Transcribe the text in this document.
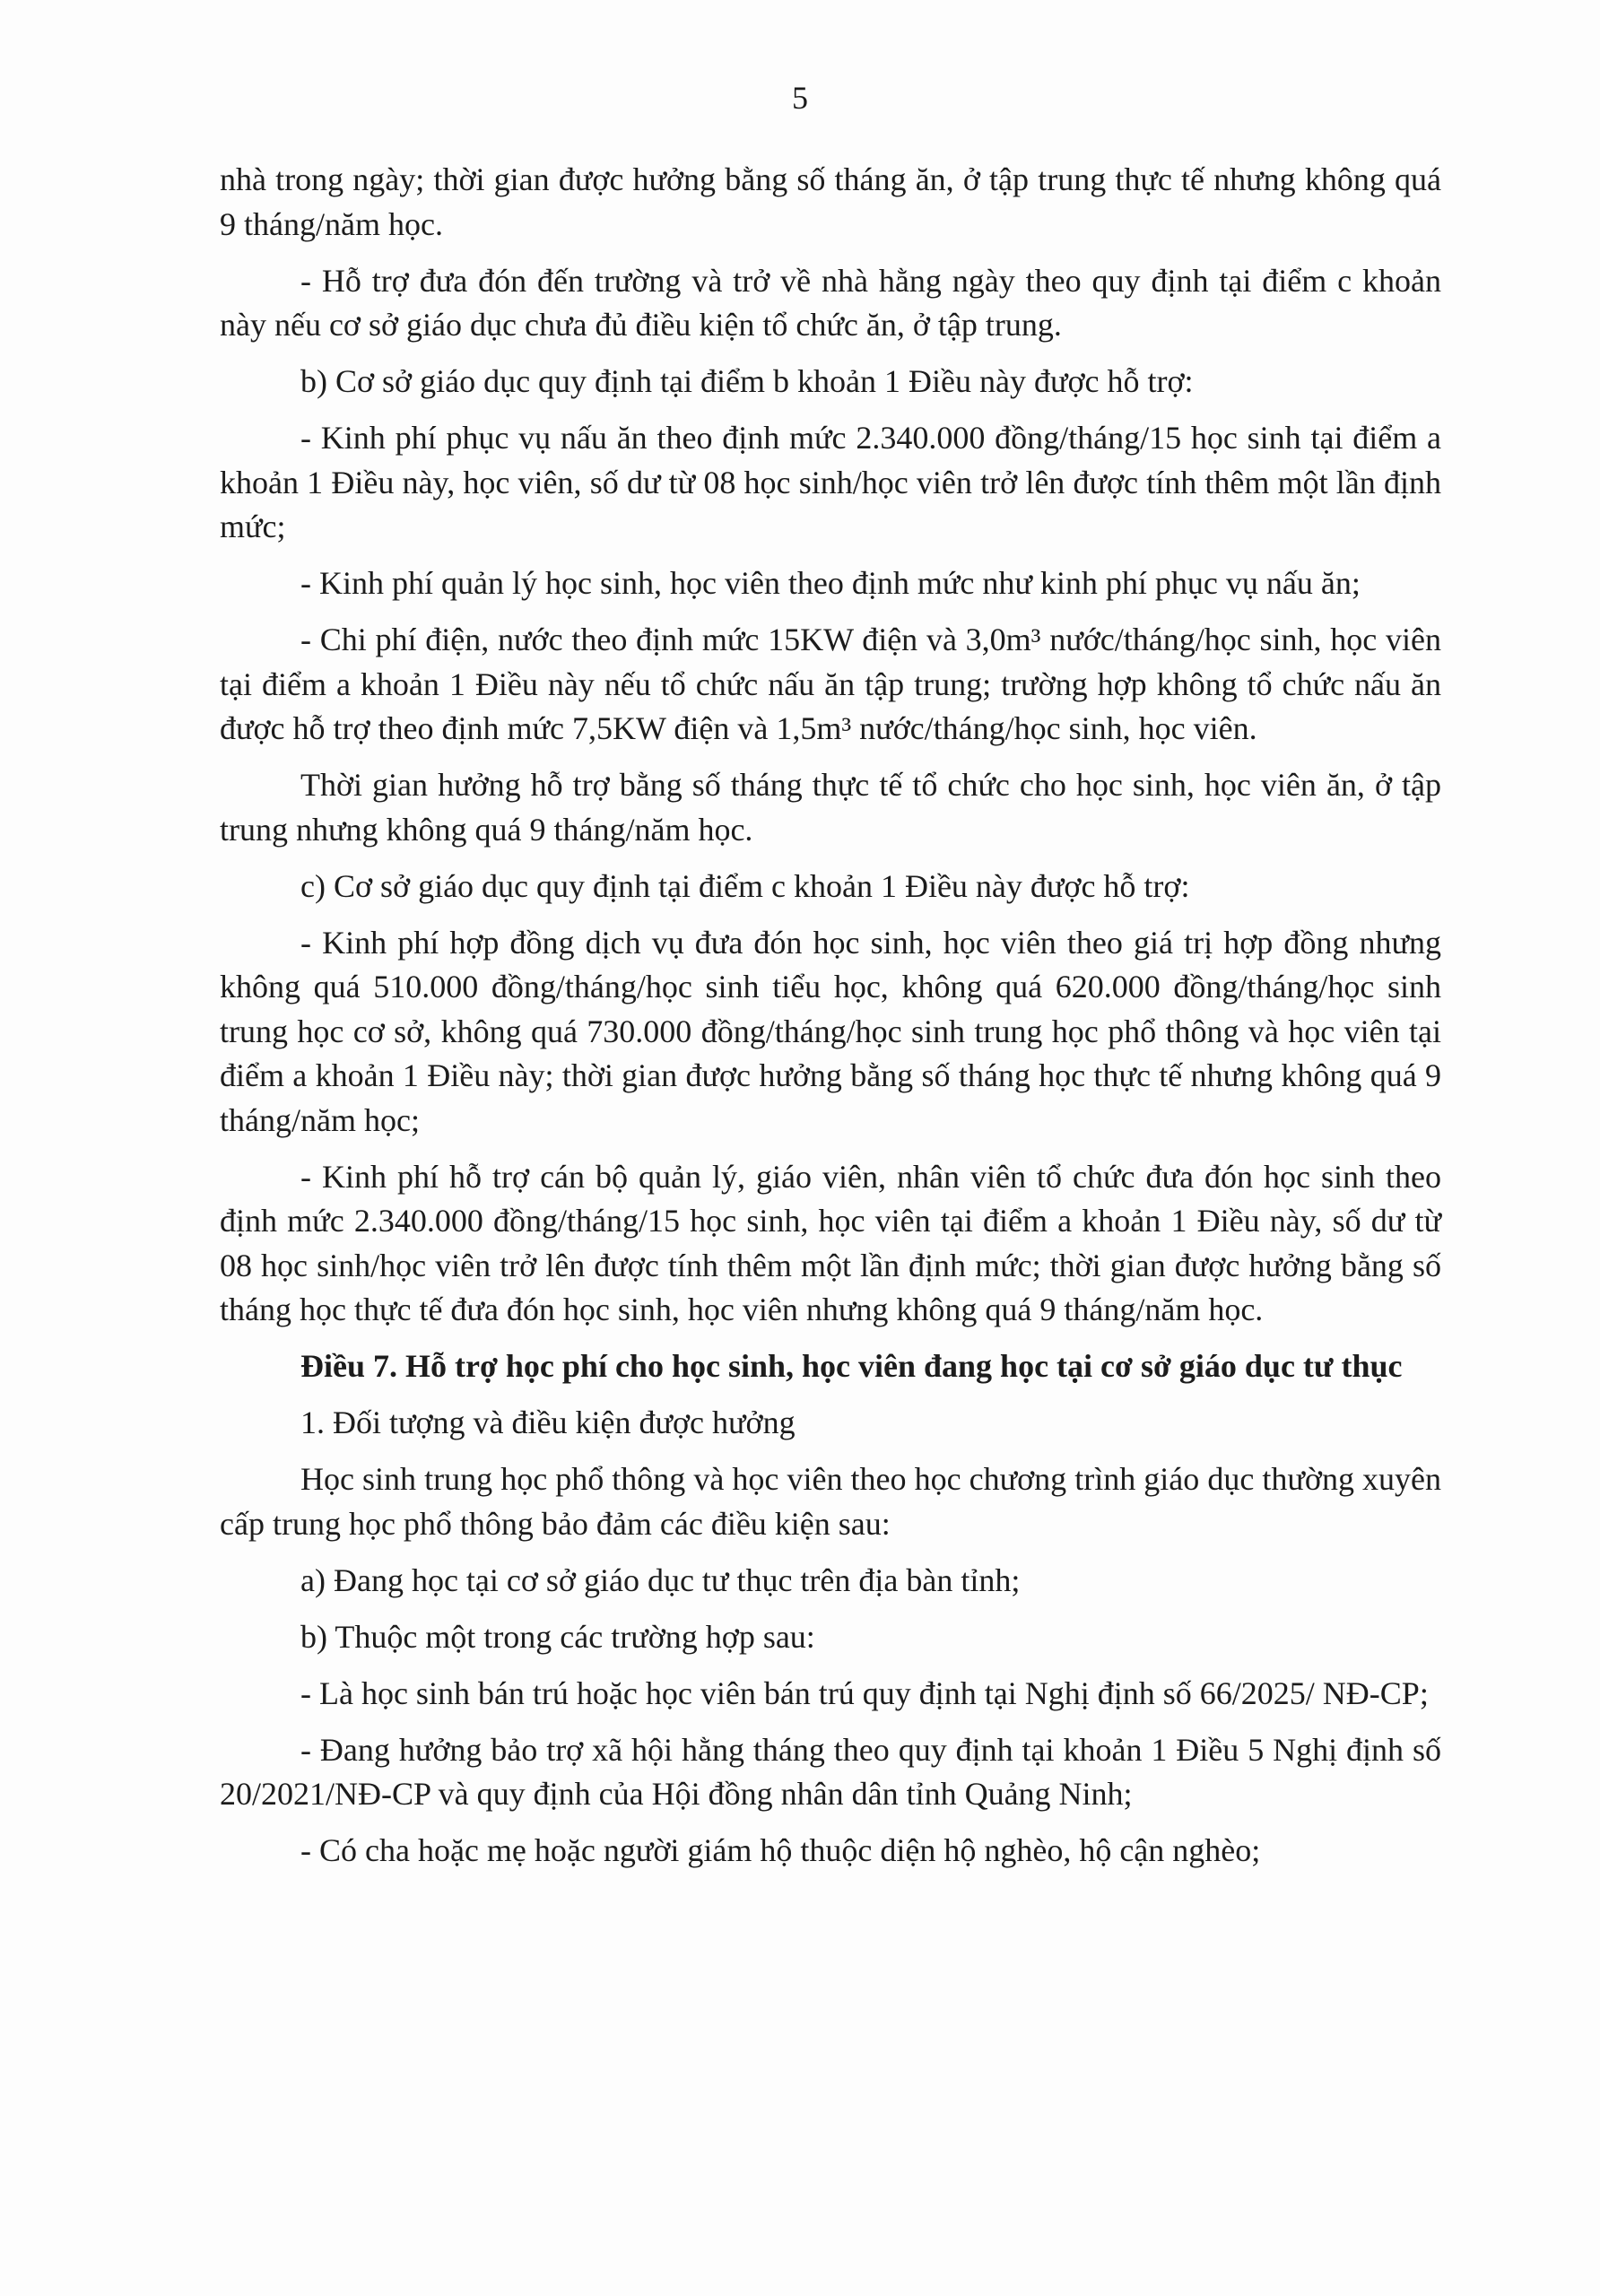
5

nhà trong ngày; thời gian được hưởng bằng số tháng ăn, ở tập trung thực tế nhưng không quá 9 tháng/năm học.

- Hỗ trợ đưa đón đến trường và trở về nhà hằng ngày theo quy định tại điểm c khoản này nếu cơ sở giáo dục chưa đủ điều kiện tổ chức ăn, ở tập trung.

b) Cơ sở giáo dục quy định tại điểm b khoản 1 Điều này được hỗ trợ:

- Kinh phí phục vụ nấu ăn theo định mức 2.340.000 đồng/tháng/15 học sinh tại điểm a khoản 1 Điều này, học viên, số dư từ 08 học sinh/học viên trở lên được tính thêm một lần định mức;

- Kinh phí quản lý học sinh, học viên theo định mức như kinh phí phục vụ nấu ăn;

- Chi phí điện, nước theo định mức 15KW điện và 3,0m³ nước/tháng/học sinh, học viên tại điểm a khoản 1 Điều này nếu tổ chức nấu ăn tập trung; trường hợp không tổ chức nấu ăn được hỗ trợ theo định mức 7,5KW điện và 1,5m³ nước/tháng/học sinh, học viên.

Thời gian hưởng hỗ trợ bằng số tháng thực tế tổ chức cho học sinh, học viên ăn, ở tập trung nhưng không quá 9 tháng/năm học.

c) Cơ sở giáo dục quy định tại điểm c khoản 1 Điều này được hỗ trợ:

- Kinh phí hợp đồng dịch vụ đưa đón học sinh, học viên theo giá trị hợp đồng nhưng không quá 510.000 đồng/tháng/học sinh tiểu học, không quá 620.000 đồng/tháng/học sinh trung học cơ sở, không quá 730.000 đồng/tháng/học sinh trung học phổ thông và học viên tại điểm a khoản 1 Điều này; thời gian được hưởng bằng số tháng học thực tế nhưng không quá 9 tháng/năm học;

- Kinh phí hỗ trợ cán bộ quản lý, giáo viên, nhân viên tổ chức đưa đón học sinh theo định mức 2.340.000 đồng/tháng/15 học sinh, học viên tại điểm a khoản 1 Điều này, số dư từ 08 học sinh/học viên trở lên được tính thêm một lần định mức; thời gian được hưởng bằng số tháng học thực tế đưa đón học sinh, học viên nhưng không quá 9 tháng/năm học.

Điều 7. Hỗ trợ học phí cho học sinh, học viên đang học tại cơ sở giáo dục tư thục

1. Đối tượng và điều kiện được hưởng

Học sinh trung học phổ thông và học viên theo học chương trình giáo dục thường xuyên cấp trung học phổ thông bảo đảm các điều kiện sau:

a) Đang học tại cơ sở giáo dục tư thục trên địa bàn tỉnh;

b) Thuộc một trong các trường hợp sau:

- Là học sinh bán trú hoặc học viên bán trú quy định tại Nghị định số 66/2025/ NĐ-CP;

- Đang hưởng bảo trợ xã hội hằng tháng theo quy định tại khoản 1 Điều 5 Nghị định số 20/2021/NĐ-CP và quy định của Hội đồng nhân dân tỉnh Quảng Ninh;

- Có cha hoặc mẹ hoặc người giám hộ thuộc diện hộ nghèo, hộ cận nghèo;
